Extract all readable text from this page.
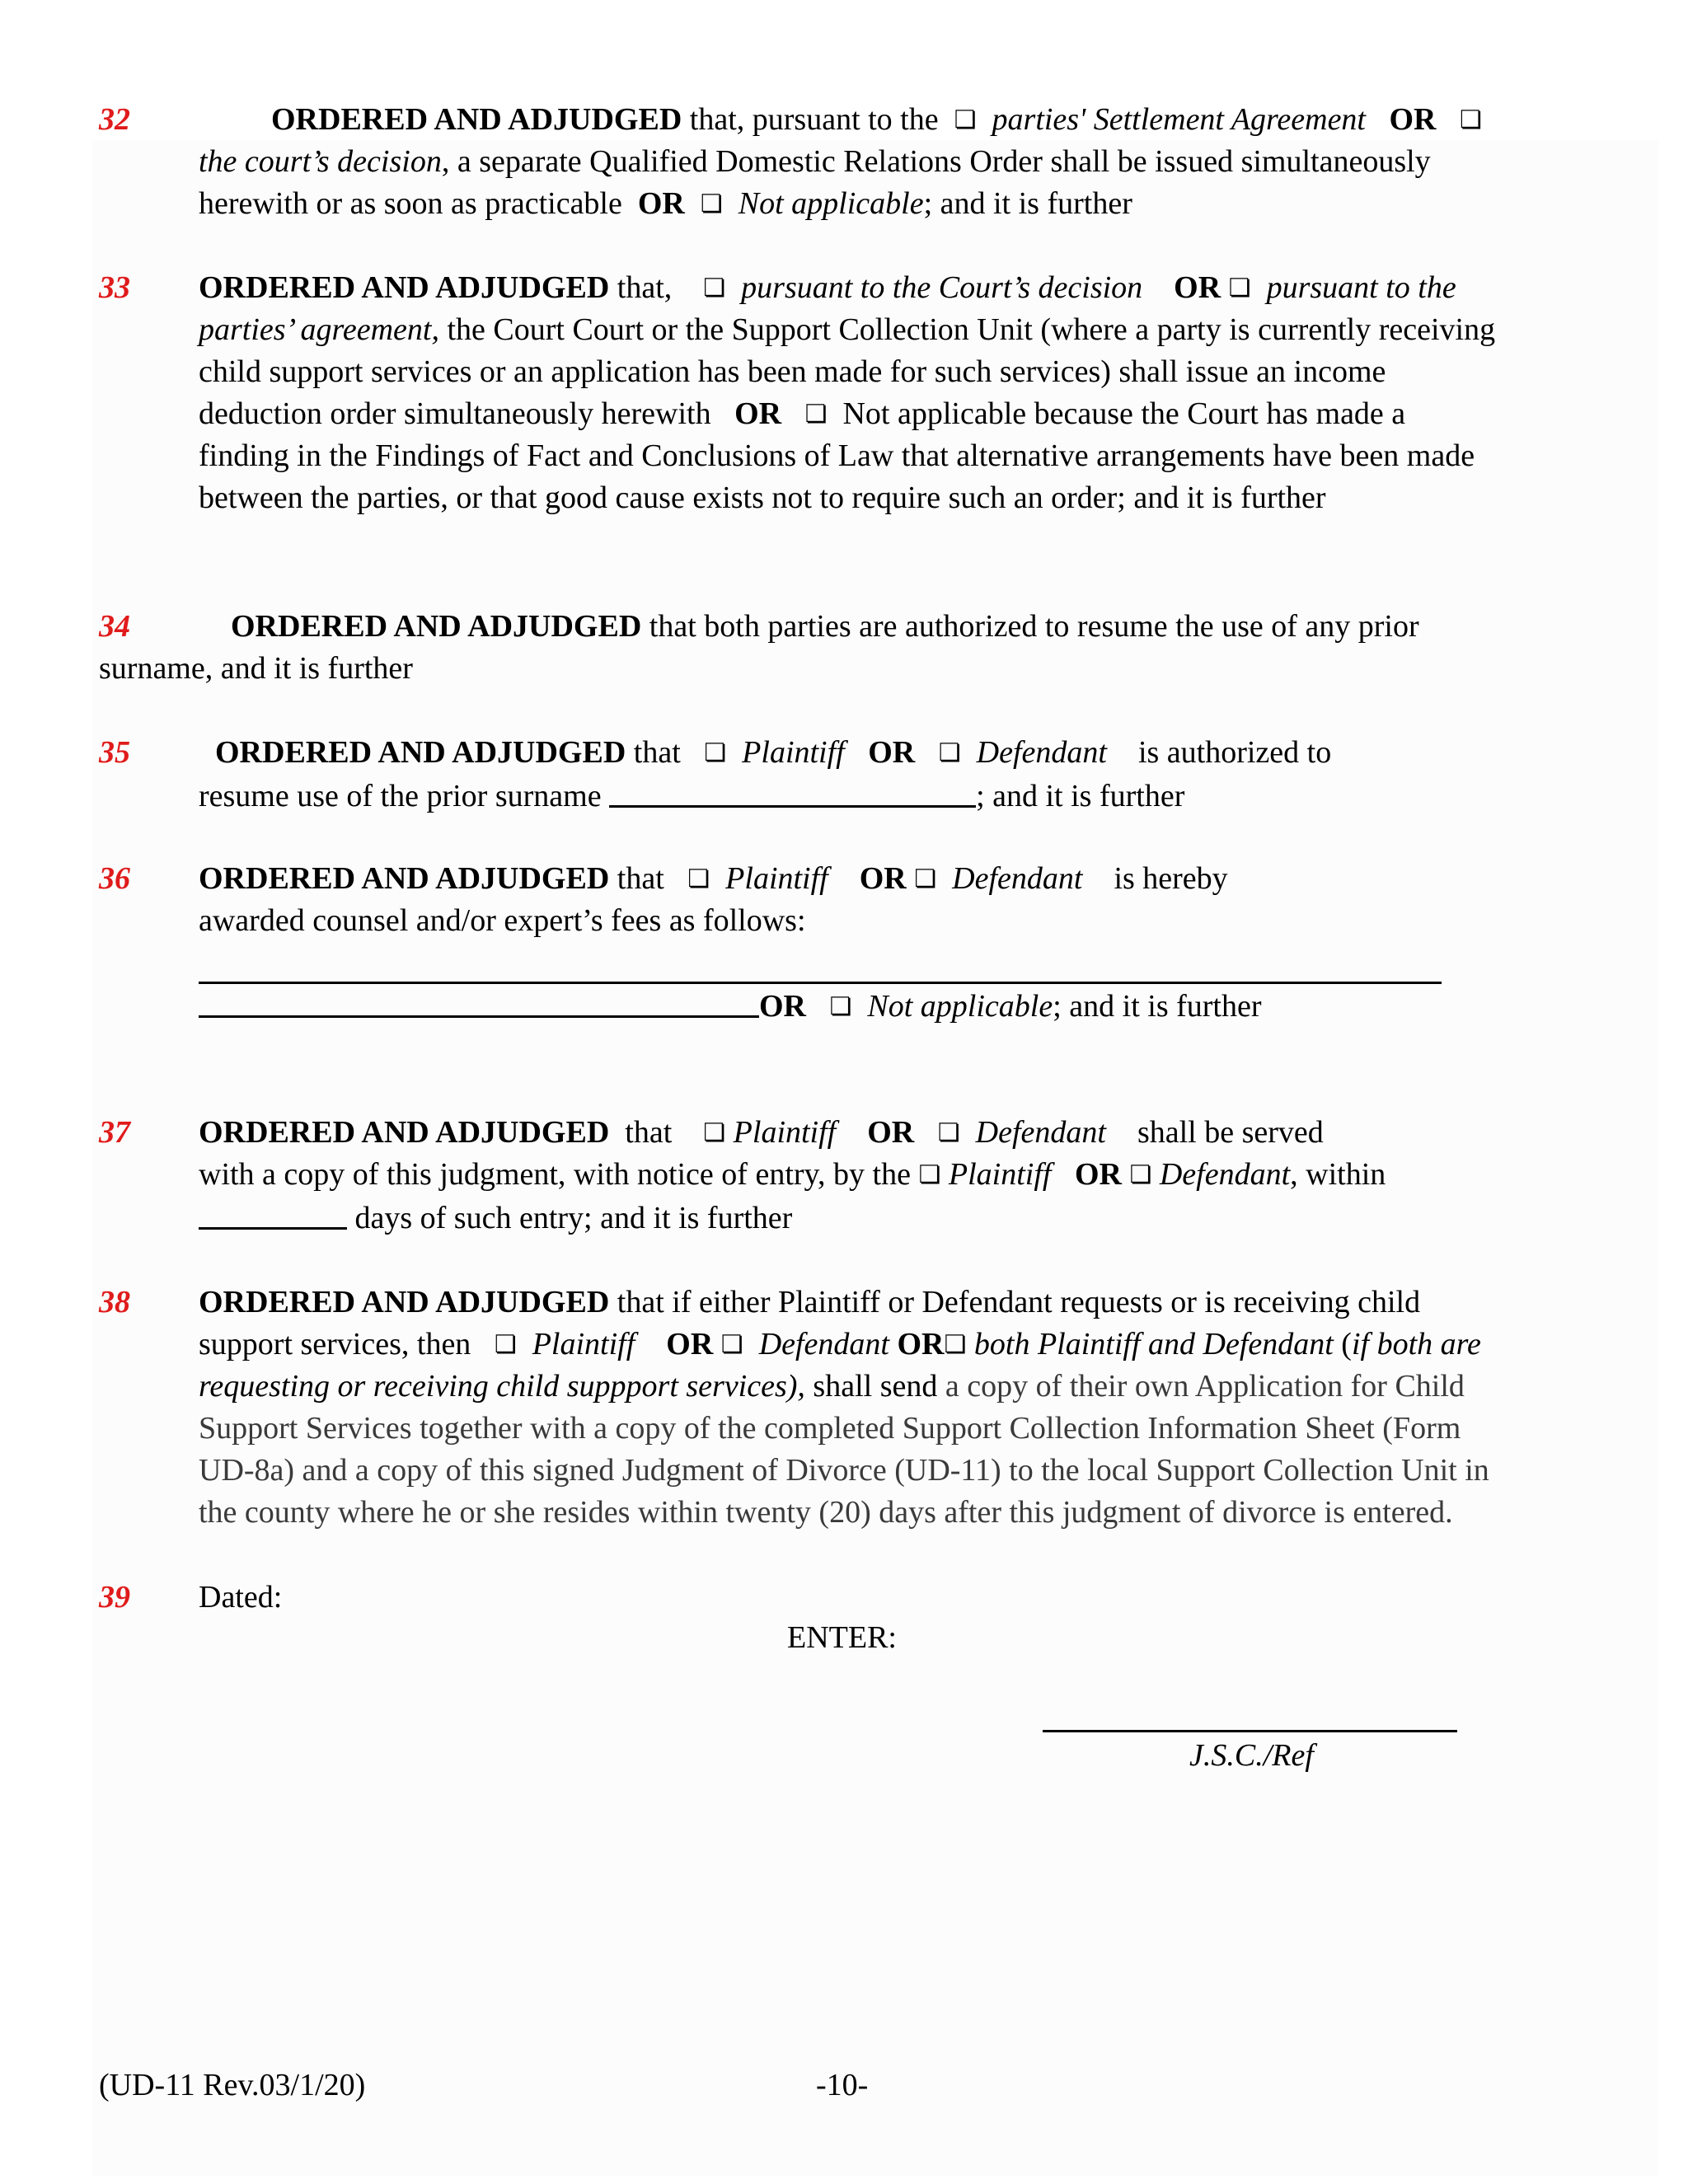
32	ORDERED AND ADJUDGED that, pursuant to the ❏ parties' Settlement Agreement OR ❏
the court’s decision, a separate Qualified Domestic Relations Order shall be issued simultaneously
herewith or as soon as practicable OR ❏ Not applicable; and it is further
33 ORDERED AND ADJUDGED that, ❏ pursuant to the Court’s decision OR ❏ pursuant to the
parties’ agreement, the Court Court or the Support Collection Unit (where a party is currently receiving
child support services or an application has been made for such services) shall issue an income
deduction order simultaneously herewith OR ❏ Not applicable because the Court has made a
finding in the Findings of Fact and Conclusions of Law that alternative arrangements have been made
between the parties, or that good cause exists not to require such an order; and it is further
34	ORDERED AND ADJUDGED that both parties are authorized to resume the use of any prior
surname, and it is further
35	ORDERED AND ADJUDGED that ❏ Plaintiff OR ❏ Defendant is authorized to
resume use of the prior surname	; and it is further
36 ORDERED AND ADJUDGED that ❏ Plaintiff OR ❏ Defendant is hereby
awarded counsel and/or expert’s fees as follows:
OR ❏ Not applicable; and it is further
37 ORDERED AND ADJUDGED that ❏ Plaintiff OR ❏ Defendant shall be served
with a copy of this judgment, with notice of entry, by the ❏ Plaintiff OR ❏ Defendant, within
days of such entry; and it is further
38 ORDERED AND ADJUDGED that if either Plaintiff or Defendant requests or is receiving child
support services, then ❏ Plaintiff OR ❏ Defendant OR❏ both Plaintiff and Defendant (if both are
requesting or receiving child suppport services), shall send a copy of their own Application for Child
Support Services together with a copy of the completed Support Collection Information Sheet (Form
UD-8a) and a copy of this signed Judgment of Divorce (UD-11) to the local Support Collection Unit in
the county where he or she resides within twenty (20) days after this judgment of divorce is entered.
39 Dated:
ENTER:
J.S.C./Ref
(UD-11 Rev.03/1/20)	-10-
